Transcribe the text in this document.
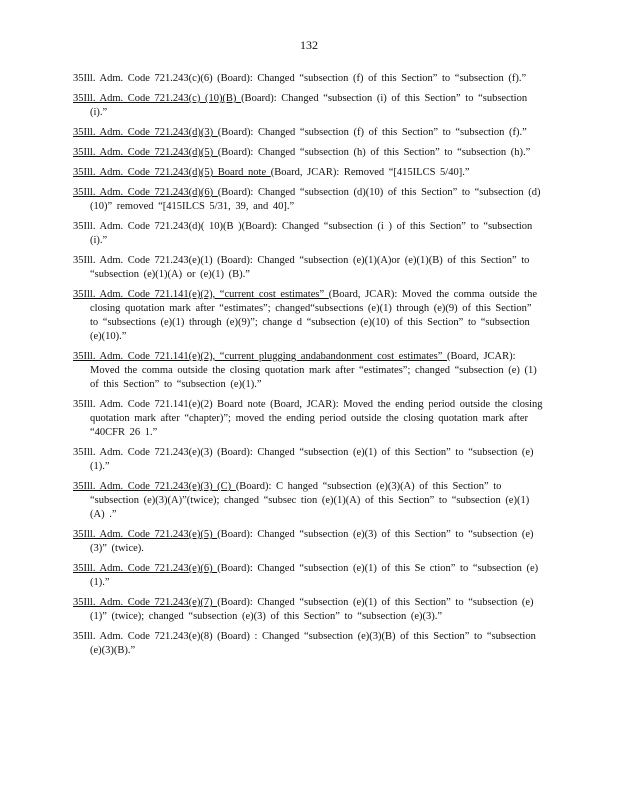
132
35Ill. Adm. Code 721.243(c)(6) (Board): Changed “subsection (f) of this Section” to “subsection (f).”
35Ill. Adm. Code 721.243(c) (10)(B) (Board): Changed “subsection (i) of this Section” to “subsection (i).”
35Ill. Adm. Code 721.243(d)(3) (Board): Changed “subsection (f) of this Section” to “subsection (f).”
35Ill. Adm. Code 721.243(d)(5) (Board): Changed “subsection (h) of this Section” to “subsection (h).”
35Ill. Adm. Code 721.243(d)(5) Board note (Board, JCAR): Removed “[415ILCS 5/40].”
35Ill. Adm. Code 721.243(d)(6) (Board): Changed “subsection (d)(10) of this Section” to “subsection (d)(10)” removed “[415ILCS 5/31, 39, and 40].”
35Ill. Adm. Code 721.243(d)( 10)(B )(Board): Changed “subsection (i ) of this Section” to “subsection (i).”
35Ill. Adm. Code 721.243(e)(1) (Board): Changed “subsection (e)(1)(A)or (e)(1)(B) of this Section” to “subsection (e)(1)(A) or (e)(1) (B).”
35Ill. Adm. Code 721.141(e)(2), “current cost estimates” (Board, JCAR): Moved the comma outside the closing quotation mark after “estimates”; changed“subsections (e)(1) through (e)(9) of this Section” to “subsections (e)(1) through (e)(9)”; change d “subsection (e)(10) of this Section” to “subsection (e)(10).”
35Ill. Adm. Code 721.141(e)(2), “current plugging andabandonment cost estimates” (Board, JCAR): Moved the comma outside the closing quotation mark after “estimates”; changed “subsection (e) (1) of this Section” to “subsection (e)(1).”
35Ill. Adm. Code 721.141(e)(2) Board note (Board, JCAR): Moved the ending period outside the closing quotation mark after “chapter)”; moved the ending period outside the closing quotation mark after “40CFR 26 1.”
35Ill. Adm. Code 721.243(e)(3) (Board): Changed “subsection (e)(1) of this Section” to “subsection (e)(1).”
35Ill. Adm. Code 721.243(e)(3) (C) (Board): C hanged “subsection (e)(3)(A) of this Section” to “subsection (e)(3)(A)”(twice); changed “subsec tion (e)(1)(A) of this Section” to “subsection (e)(1)(A) .”
35Ill. Adm. Code 721.243(e)(5) (Board): Changed “subsection (e)(3) of this Section” to “subsection (e)(3)” (twice).
35Ill. Adm. Code 721.243(e)(6) (Board): Changed “subsection (e)(1) of this Se ction” to “subsection (e)(1).”
35Ill. Adm. Code 721.243(e)(7) (Board): Changed “subsection (e)(1) of this Section” to “subsection (e)(1)” (twice); changed “subsection (e)(3) of this Section” to “subsection (e)(3).”
35Ill. Adm. Code 721.243(e)(8) (Board) : Changed “subsection (e)(3)(B) of this Section” to “subsection (e)(3)(B).”
